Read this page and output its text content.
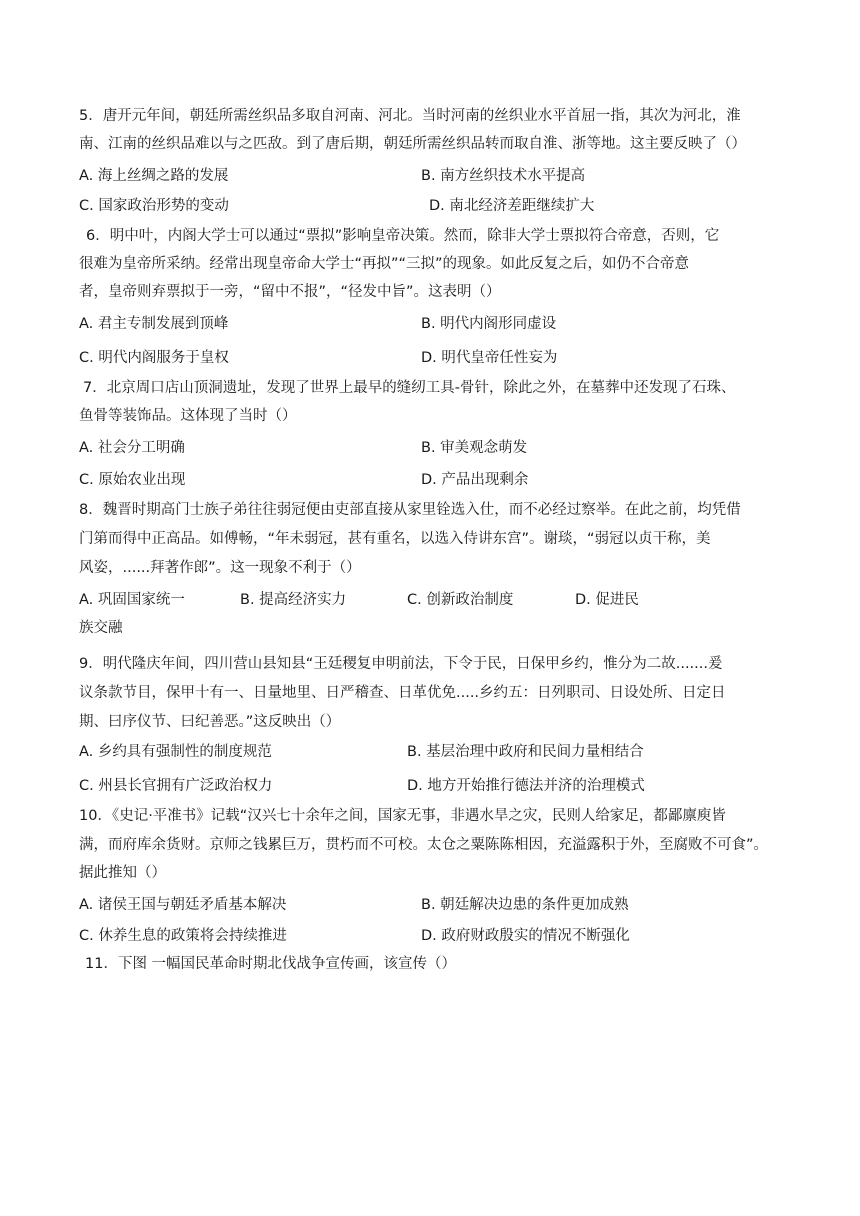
5．唐开元年间，朝廷所需丝织品多取自河南、河北。当时河南的丝织业水平首屈一指，其次为河北，淮
南、江南的丝织品难以与之匹敌。到了唐后期，朝廷所需丝织品转而取自淮、浙等地。这主要反映了（）
A. 海上丝绸之路的发展	B. 南方丝织技术水平提高
C. 国家政治形势的变动	D. 南北经济差距继续扩大
6．明中叶，内阁大学士可以通过“票拟”影响皇帝决策。然而，除非大学士票拟符合帝意，否则，它
很难为皇帝所采纳。经常出现皇帝命大学士“再拟”“三拟”的现象。如此反复之后，如仍不合帝意
者，皇帝则弃票拟于一旁，“留中不报”，“径发中旨”。这表明（）
A. 君主专制发展到顶峰	B. 明代内阁形同虚设
C. 明代内阁服务于皇权	D. 明代皇帝任性妄为
7．北京周口店山顶洞遗址，发现了世界上最早的缝纫工具-骨针，除此之外，在墓葬中还发现了石珠、
鱼骨等装饰品。这体现了当时（）
A. 社会分工明确	B. 审美观念萌发
C. 原始农业出现	D. 产品出现剩余
8．魏晋时期高门士族子弟往往弱冠便由吏部直接从家里铨选入仕，而不必经过察举。在此之前，均凭借
门第而得中正高品。如傅畅，“年未弱冠，甚有重名，以选入侍讲东宫”。谢琰，“弱冠以贞干称，美
风姿，......拜著作郎”。这一现象不利于（）
A. 巩固国家统一	B. 提高经济实力	C. 创新政治制度	D. 促进民
族交融
9．明代隆庆年间，四川营山县知县“王廷稷复申明前法，下令于民，日保甲乡约，惟分为二故.......爰
议条款节目，保甲十有一、日量地里、日严稽查、日革优免.....乡约五：日列职司、日设处所、日定日
期、曰序仪节、曰纪善恶。”这反映出（）
A. 乡约具有强制性的制度规范	B. 基层治理中政府和民间力量相结合
C. 州县长官拥有广泛政治权力	D. 地方开始推行德法并济的治理模式
10．《史记·平准书》记载“汉兴七十余年之间，国家无事，非遇水旱之灾，民则人给家足，都鄙廪庾皆
满，而府库余货财。京师之钱累巨万，贯朽而不可校。太仓之粟陈陈相因，充溢露积于外，至腐败不可食”。
据此推知（）
A. 诸侯王国与朝廷矛盾基本解决	B. 朝廷解决边患的条件更加成熟
C. 休养生息的政策将会持续推进	D. 政府财政殷实的情况不断强化
11．下图 一幅国民革命时期北伐战争宣传画，该宣传（）
